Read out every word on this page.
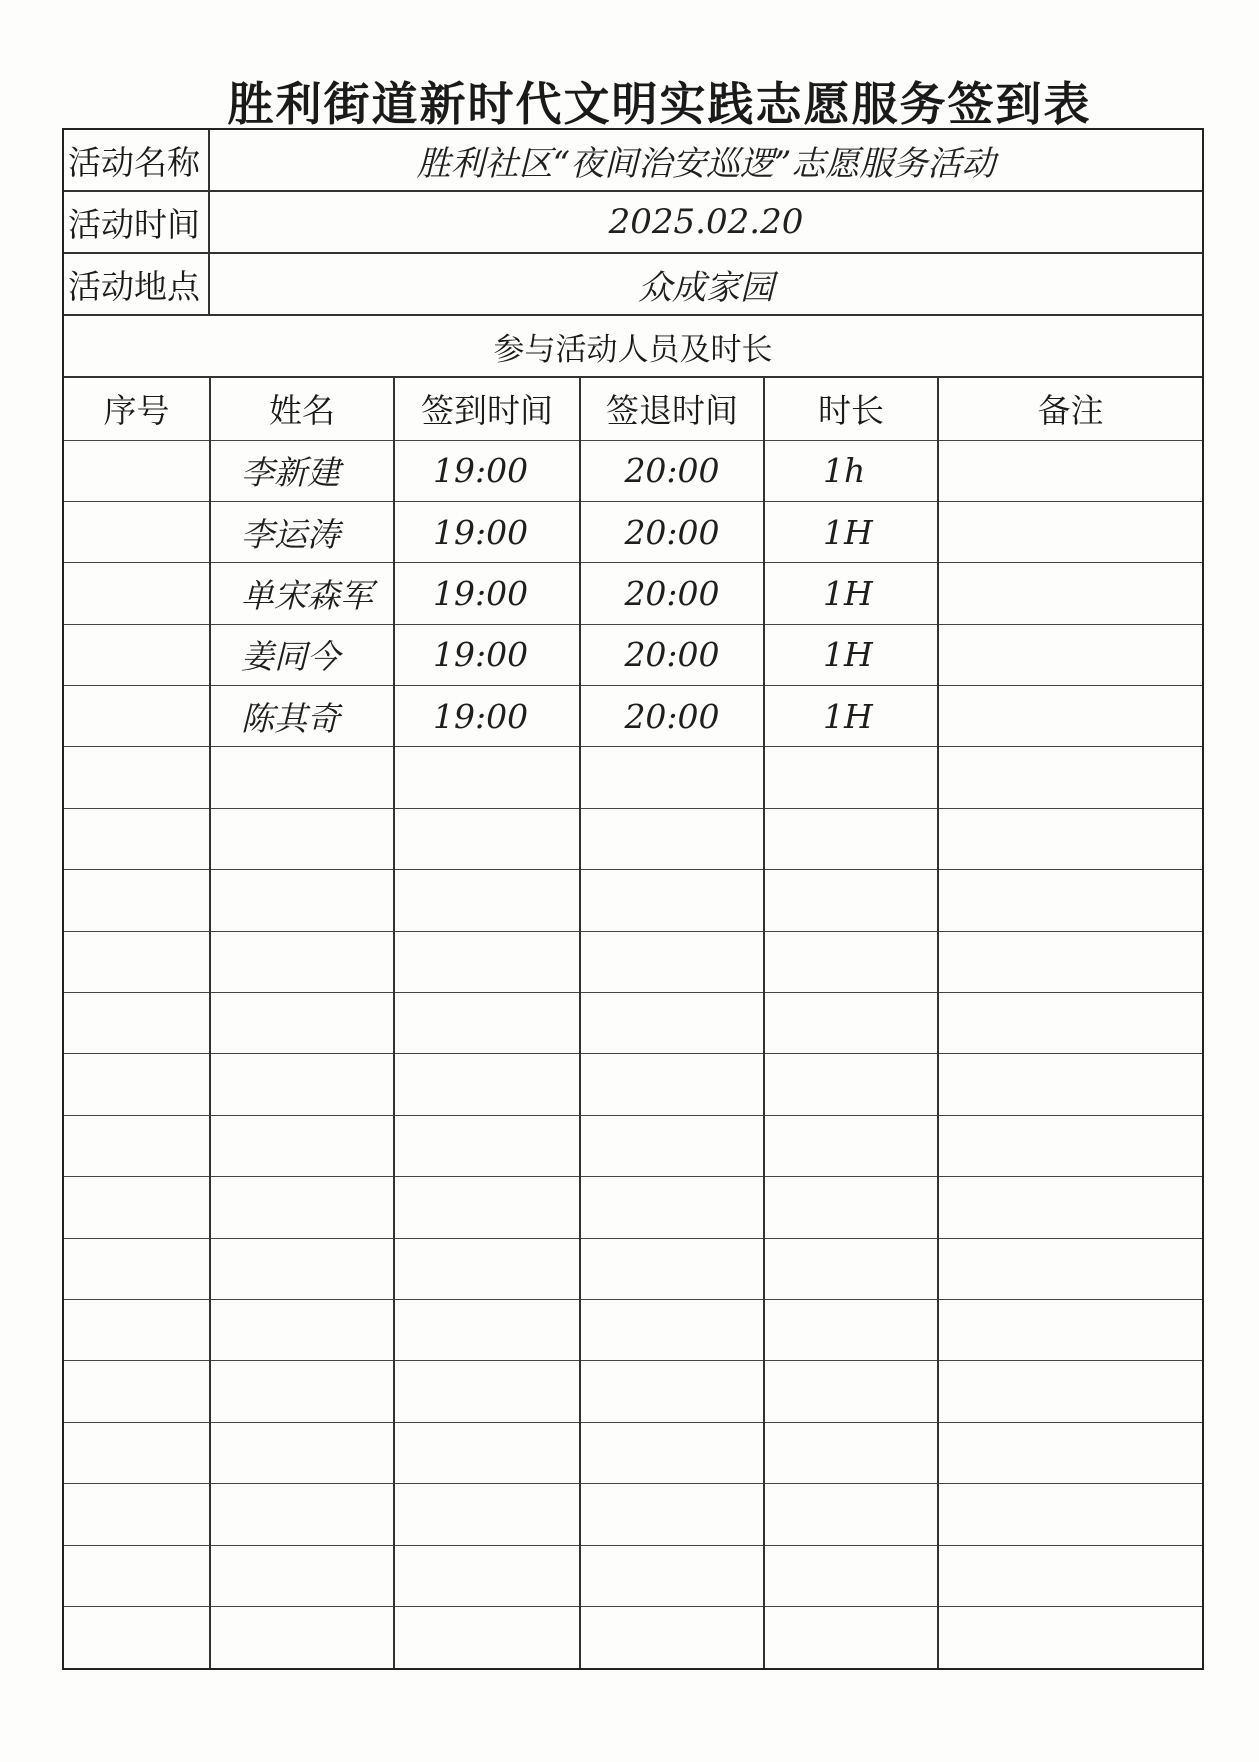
胜利街道新时代文明实践志愿服务签到表
活动名称	胜利社区“夜间治安巡逻”志愿服务活动
活动时间	2025.02.20
活动地点	众成家园
参与活动人员及时长
序号	姓名	签到时间	签退时间	时长	备注
	李新建	19:00	20:00	1h	
	李运涛	19:00	20:00	1H	
	单宋森军	19:00	20:00	1H	
	姜同今	19:00	20:00	1H	
	陈其奇	19:00	20:00	1H	
